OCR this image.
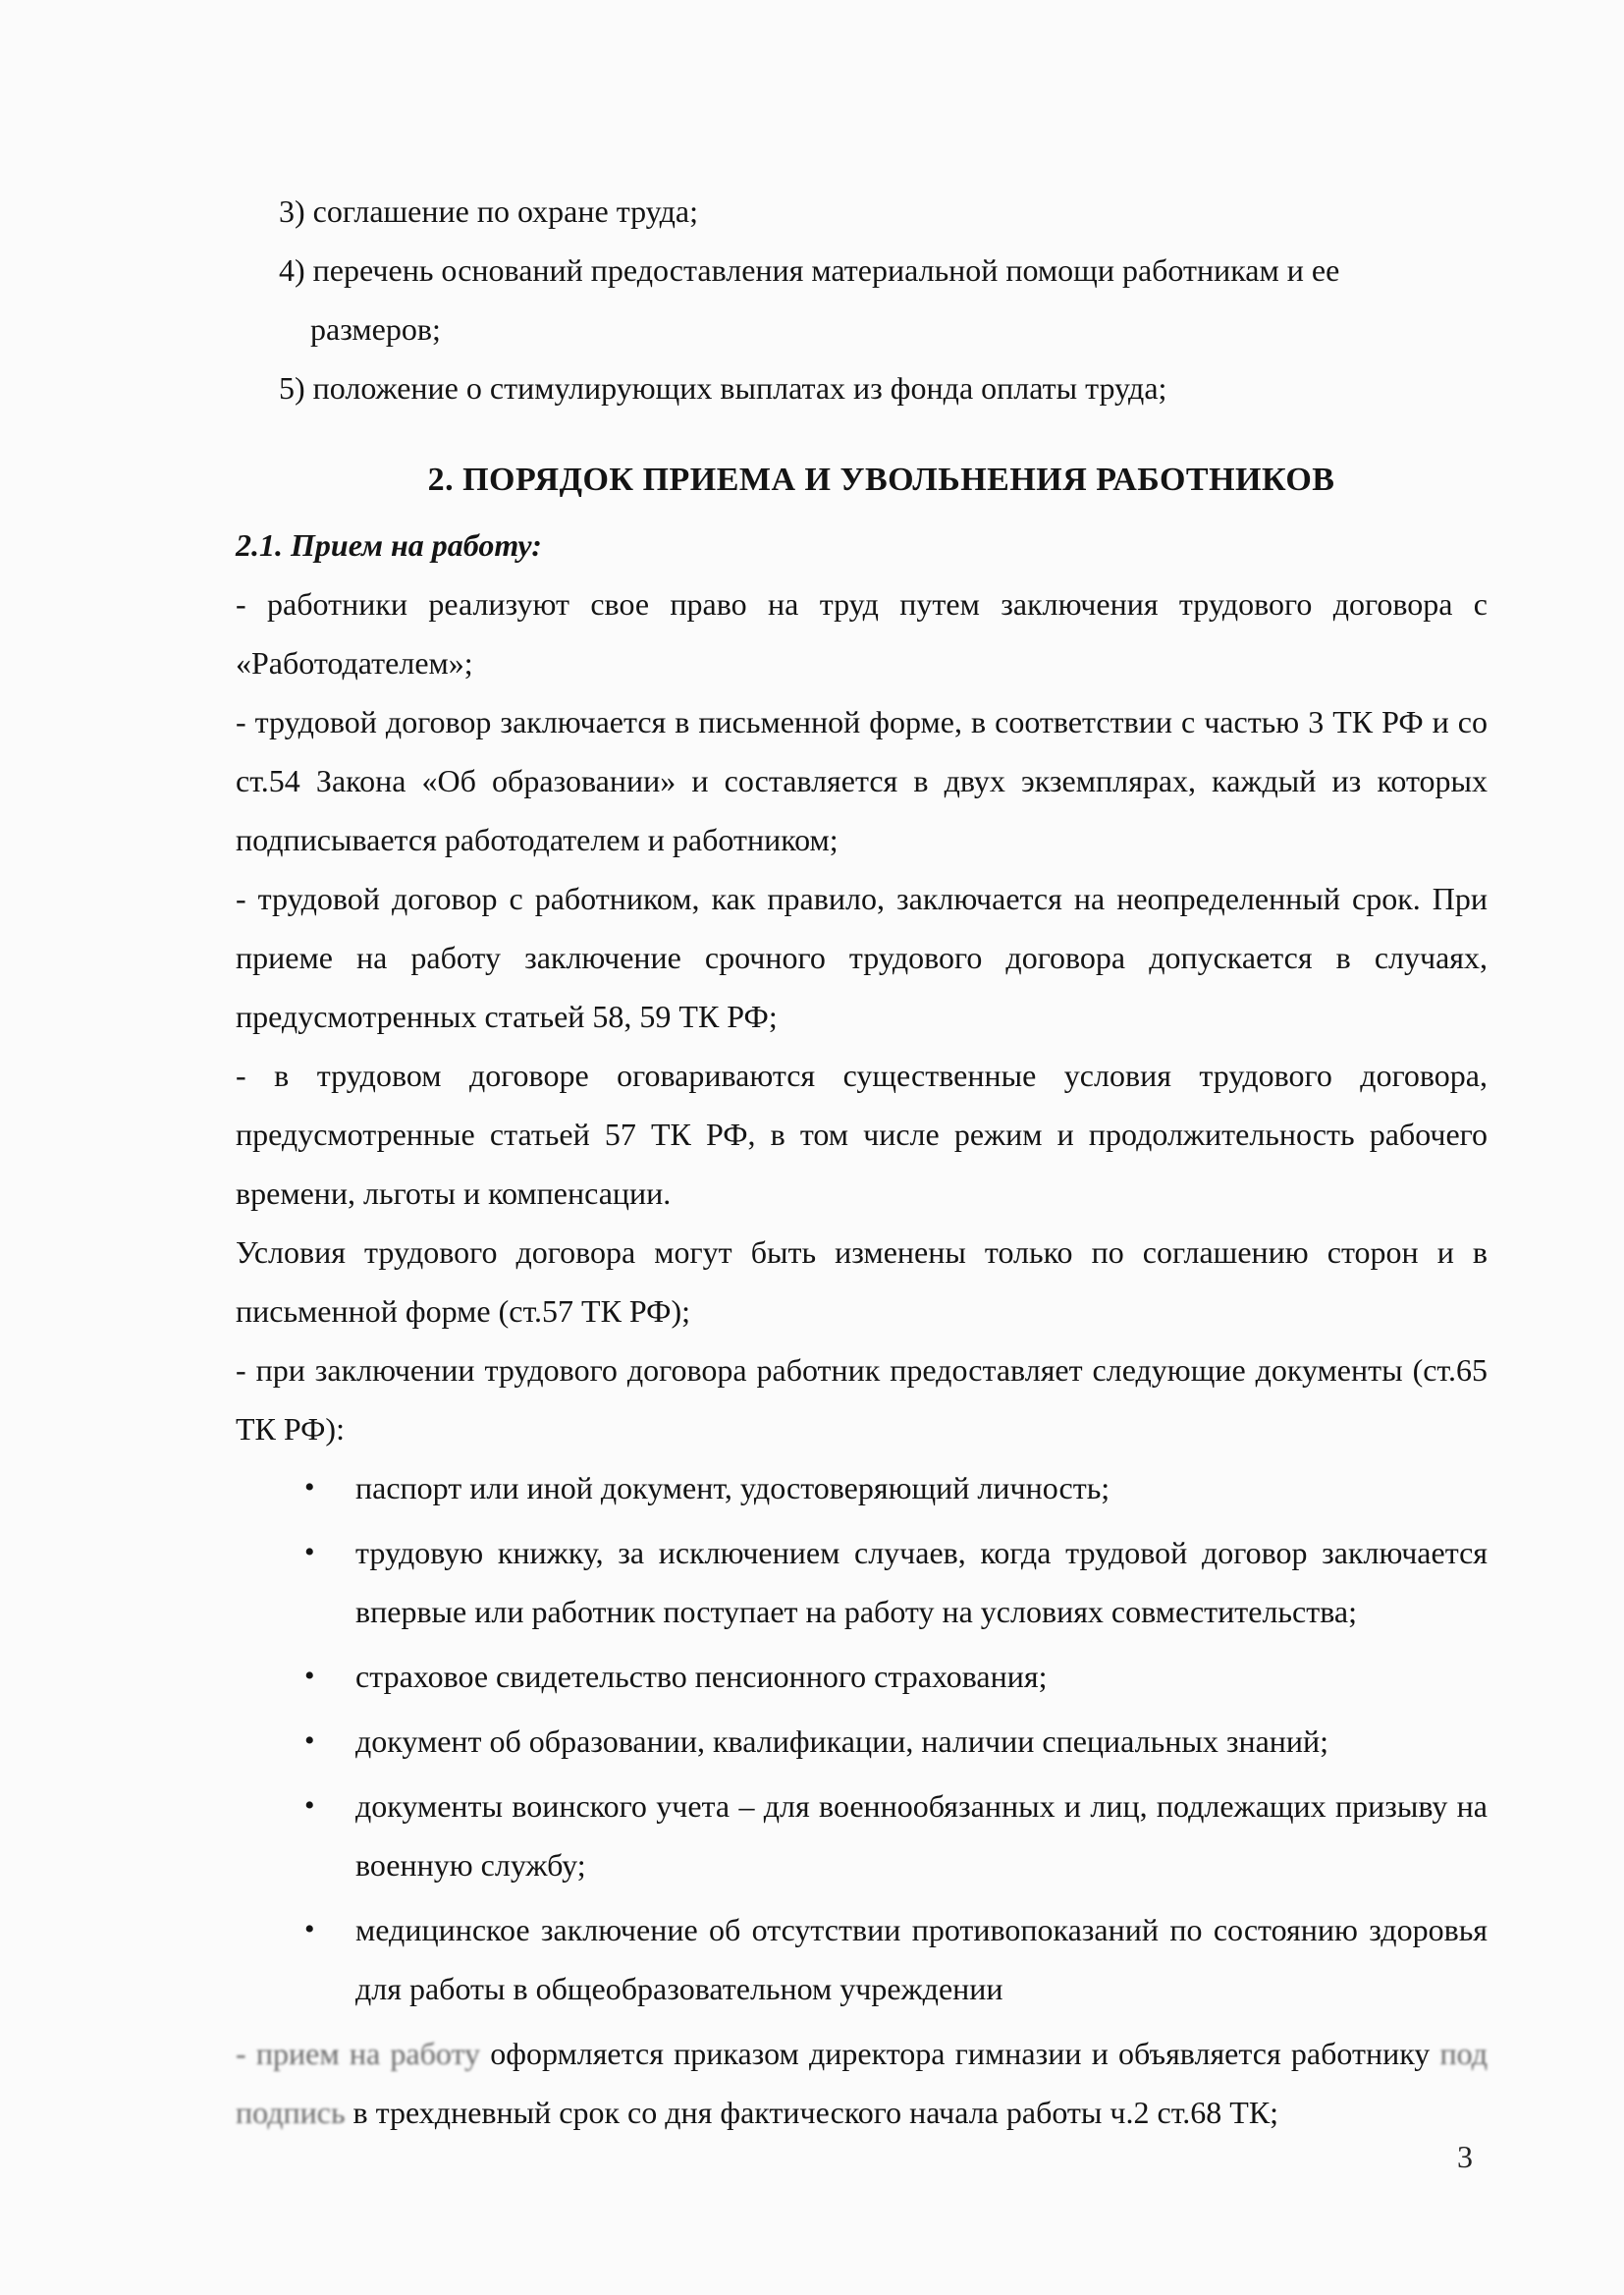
3) соглашение по охране труда;
4) перечень оснований предоставления материальной помощи работникам и ее
размеров;
5) положение о стимулирующих выплатах из фонда оплаты труда;
2. ПОРЯДОК ПРИЕМА И УВОЛЬНЕНИЯ РАБОТНИКОВ
2.1. Прием на работу:

- работники реализуют свое право на труд путем заключения трудового договора с «Работодателем»;

- трудовой договор заключается в письменной форме, в соответствии с частью 3 ТК РФ и со ст.54 Закона «Об образовании» и составляется в двух экземплярах, каждый из которых подписывается работодателем и работником;

- трудовой договор с работником, как правило, заключается на неопределенный срок. При приеме на работу заключение срочного трудового договора допускается в случаях, предусмотренных статьей 58, 59 ТК РФ;

- в трудовом договоре оговариваются существенные условия трудового договора, предусмотренные статьей 57 ТК РФ, в том числе режим и продолжительность рабочего времени, льготы и компенсации.

Условия трудового договора могут быть изменены только по соглашению сторон и в письменной форме (ст.57 ТК РФ);

- при заключении трудового договора работник предоставляет следующие документы (ст.65 ТК РФ):

• паспорт или иной документ, удостоверяющий личность;
• трудовую книжку, за исключением случаев, когда трудовой договор заключается впервые или работник поступает на работу на условиях совместительства;
• страховое свидетельство пенсионного страхования;
• документ об образовании, квалификации, наличии специальных знаний;
• документы воинского учета – для военнообязанных и лиц, подлежащих призыву на военную службу;
• медицинское заключение об отсутствии противопоказаний по состоянию здоровья для работы в общеобразовательном учреждении

- прием на работу оформляется приказом директора гимназии и объявляется работнику под подпись в трехдневный срок со дня фактического начала работы ч.2 ст.68 ТК;

3
